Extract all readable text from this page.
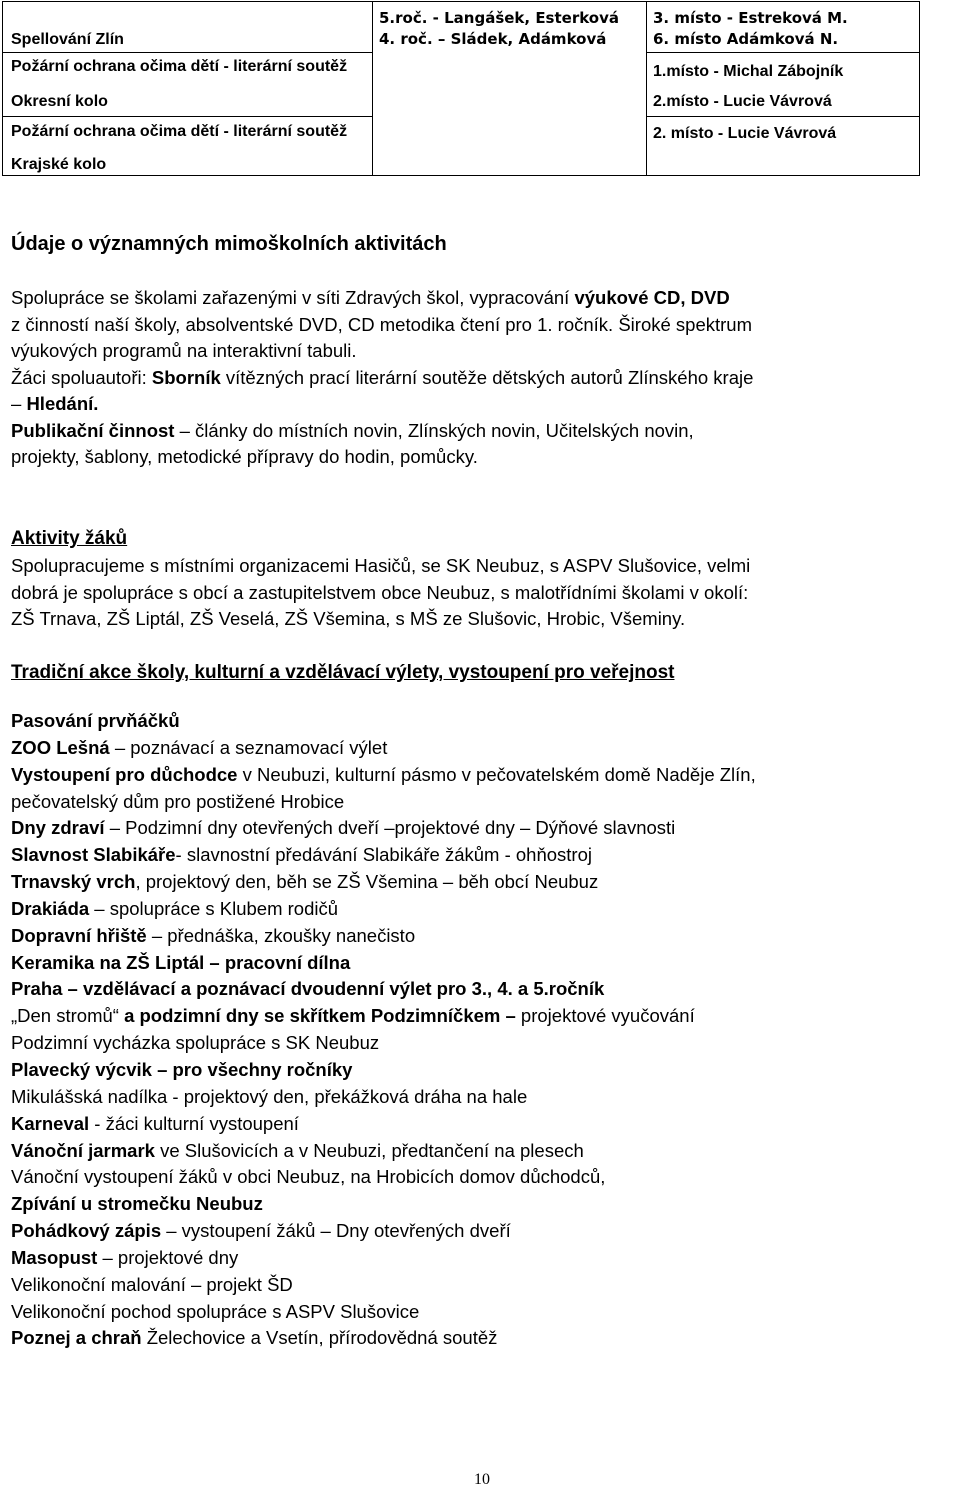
Spellování Zlín
5.roč. - Langášek, Esterková
4. roč. – Sládek, Adámková
3. místo - Estreková M.
6. místo Adámková N.
Požární ochrana očima dětí - literární soutěž
Okresní kolo
1.místo - Michal Zábojník
2.místo - Lucie Vávrová
Požární ochrana očima dětí - literární soutěž
Krajské kolo
2. místo - Lucie Vávrová
Údaje o významných mimoškolních aktivitách
Spolupráce se školami zařazenými v síti Zdravých škol, vypracování výukové CD, DVD
z činností naší školy, absolventské DVD, CD metodika čtení pro 1. ročník. Široké spektrum
výukových programů na interaktivní tabuli.
Žáci spoluautoři: Sborník vítězných prací literární soutěže dětských autorů Zlínského kraje
– Hledání.
Publikační činnost – články do místních novin, Zlínských novin, Učitelských novin,
projekty, šablony, metodické přípravy do hodin, pomůcky.
Aktivity žáků
Spolupracujeme s místními organizacemi Hasičů, se SK Neubuz, s ASPV Slušovice, velmi
dobrá je spolupráce s obcí a zastupitelstvem obce Neubuz, s malotřídními školami v okolí:
ZŠ Trnava, ZŠ Liptál, ZŠ Veselá, ZŠ Všemina, s MŠ ze Slušovic, Hrobic, Všeminy.
Tradiční akce školy, kulturní a vzdělávací výlety, vystoupení pro veřejnost
Pasování prvňáčků
ZOO Lešná – poznávací a seznamovací výlet
Vystoupení pro důchodce v Neubuzi, kulturní pásmo v pečovatelském domě Naděje Zlín,
pečovatelský dům pro postižené Hrobice
Dny zdraví – Podzimní dny otevřených dveří –projektové dny – Dýňové slavnosti
Slavnost Slabikáře- slavnostní předávání Slabikáře žákům - ohňostroj
Trnavský vrch, projektový den, běh se ZŠ Všemina – běh obcí Neubuz
Drakiáda – spolupráce s Klubem rodičů
Dopravní hřiště – přednáška, zkoušky nanečisto
Keramika na ZŠ Liptál – pracovní dílna
Praha – vzdělávací a poznávací dvoudenní výlet pro 3., 4. a 5.ročník
„Den stromů“ a podzimní dny se skřítkem Podzimníčkem – projektové vyučování
Podzimní vycházka spolupráce s SK Neubuz
Plavecký výcvik – pro všechny ročníky
Mikulášská nadílka - projektový den, překážková dráha na hale
Karneval - žáci kulturní vystoupení
Vánoční jarmark ve Slušovicích a v Neubuzi, předtančení na plesech
Vánoční vystoupení žáků v obci Neubuz, na Hrobicích domov důchodců,
Zpívání u stromečku Neubuz
Pohádkový zápis – vystoupení žáků – Dny otevřených dveří
Masopust – projektové dny
Velikonoční malování – projekt ŠD
Velikonoční pochod spolupráce s ASPV Slušovice
Poznej a chraň Želechovice a Vsetín, přírodovědná soutěž
10
